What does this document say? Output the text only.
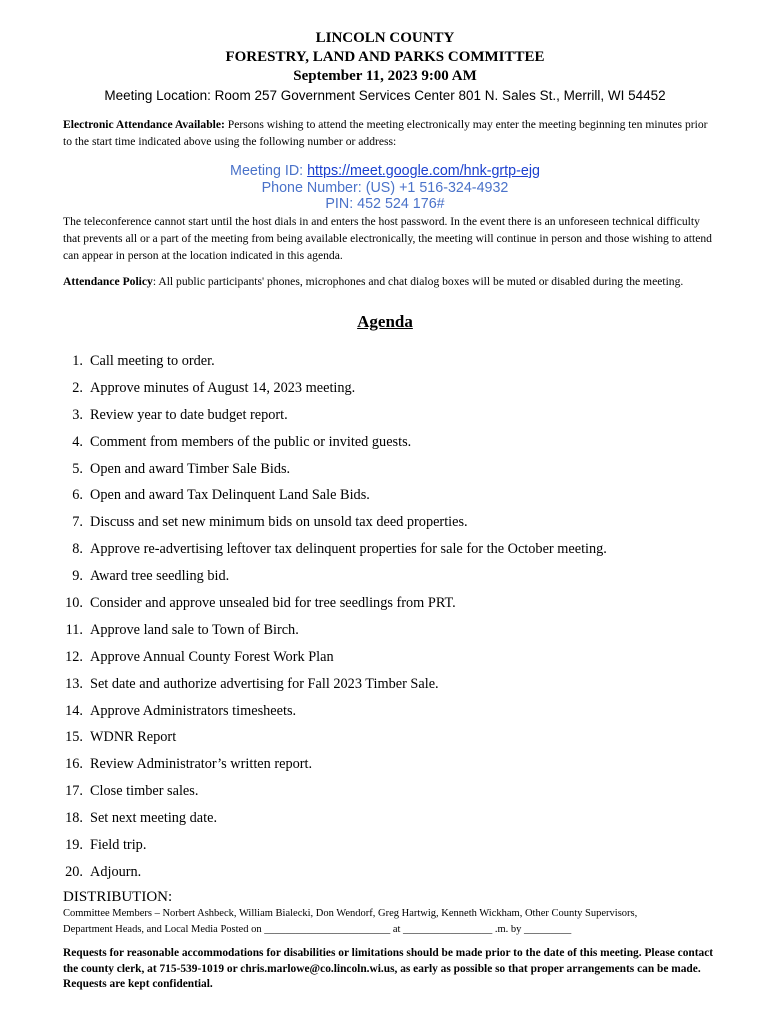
LINCOLN COUNTY
FORESTRY, LAND AND PARKS COMMITTEE
September 11, 2023 9:00 AM
Meeting Location: Room 257 Government Services Center 801 N. Sales St., Merrill, WI 54452

Electronic Attendance Available: Persons wishing to attend the meeting electronically may enter the meeting beginning ten minutes prior to the start time indicated above using the following number or address:

Meeting ID: https://meet.google.com/hnk-grtp-ejg
Phone Number: (US) +1 516-324-4932
PIN: 452 524 176#

The teleconference cannot start until the host dials in and enters the host password. In the event there is an unforeseen technical difficulty that prevents all or a part of the meeting from being available electronically, the meeting will continue in person and those wishing to attend can appear in person at the location indicated in this agenda.

Attendance Policy: All public participants' phones, microphones and chat dialog boxes will be muted or disabled during the meeting.

Agenda
1. Call meeting to order.
2. Approve minutes of August 14, 2023 meeting.
3. Review year to date budget report.
4. Comment from members of the public or invited guests.
5. Open and award Timber Sale Bids.
6. Open and award Tax Delinquent Land Sale Bids.
7. Discuss and set new minimum bids on unsold tax deed properties.
8. Approve re-advertising leftover tax delinquent properties for sale for the October meeting.
9. Award tree seedling bid.
10. Consider and approve unsealed bid for tree seedlings from PRT.
11. Approve land sale to Town of Birch.
12. Approve Annual County Forest Work Plan
13. Set date and authorize advertising for Fall 2023 Timber Sale.
14. Approve Administrators timesheets.
15. WDNR Report
16. Review Administrator’s written report.
17. Close timber sales.
18. Set next meeting date.
19. Field trip.
20. Adjourn.
DISTRIBUTION:
Committee Members – Norbert Ashbeck, William Bialecki, Don Wendorf, Greg Hartwig, Kenneth Wickham, Other County Supervisors,
Department Heads, and Local Media Posted on ________________________ at _________________ .m. by _________

Requests for reasonable accommodations for disabilities or limitations should be made prior to the date of this meeting. Please contact the county clerk, at 715-539-1019 or chris.marlowe@co.lincoln.wi.us, as early as possible so that proper arrangements can be made. Requests are kept confidential.
